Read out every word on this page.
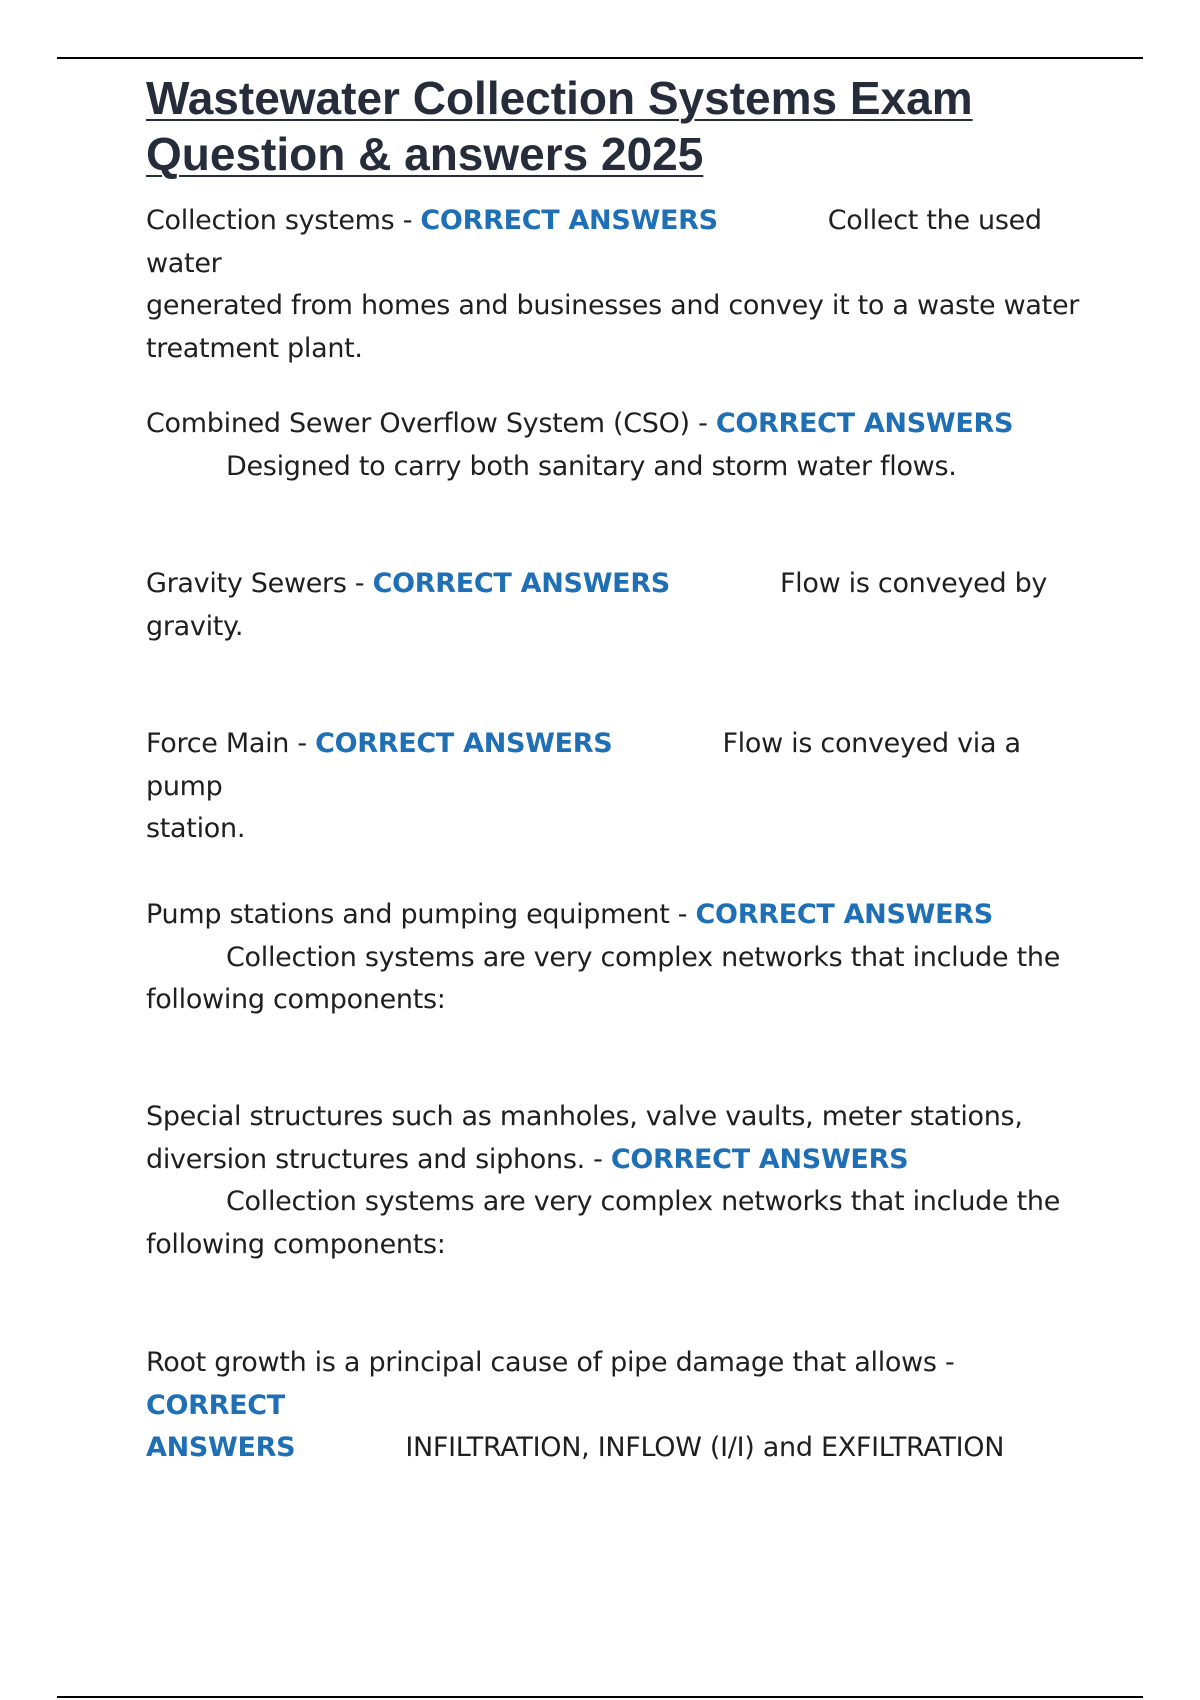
Wastewater Collection Systems Exam
Question & answers 2025

Collection systems - CORRECT ANSWERS	Collect the used water
generated from homes and businesses and convey it to a waste water
treatment plant.

Combined Sewer Overflow System (CSO) - CORRECT ANSWERS
Designed to carry both sanitary and storm water flows.

Gravity Sewers - CORRECT ANSWERS	Flow is conveyed by
gravity.

Force Main - CORRECT ANSWERS	Flow is conveyed via a pump
station.

Pump stations and pumping equipment - CORRECT ANSWERS
Collection systems are very complex networks that include the
following components:

Special structures such as manholes, valve vaults, meter stations,
diversion structures and siphons. - CORRECT ANSWERS
Collection systems are very complex networks that include the
following components:

Root growth is a principal cause of pipe damage that allows - CORRECT
ANSWERS	INFILTRATION, INFLOW (I/I) and EXFILTRATION
